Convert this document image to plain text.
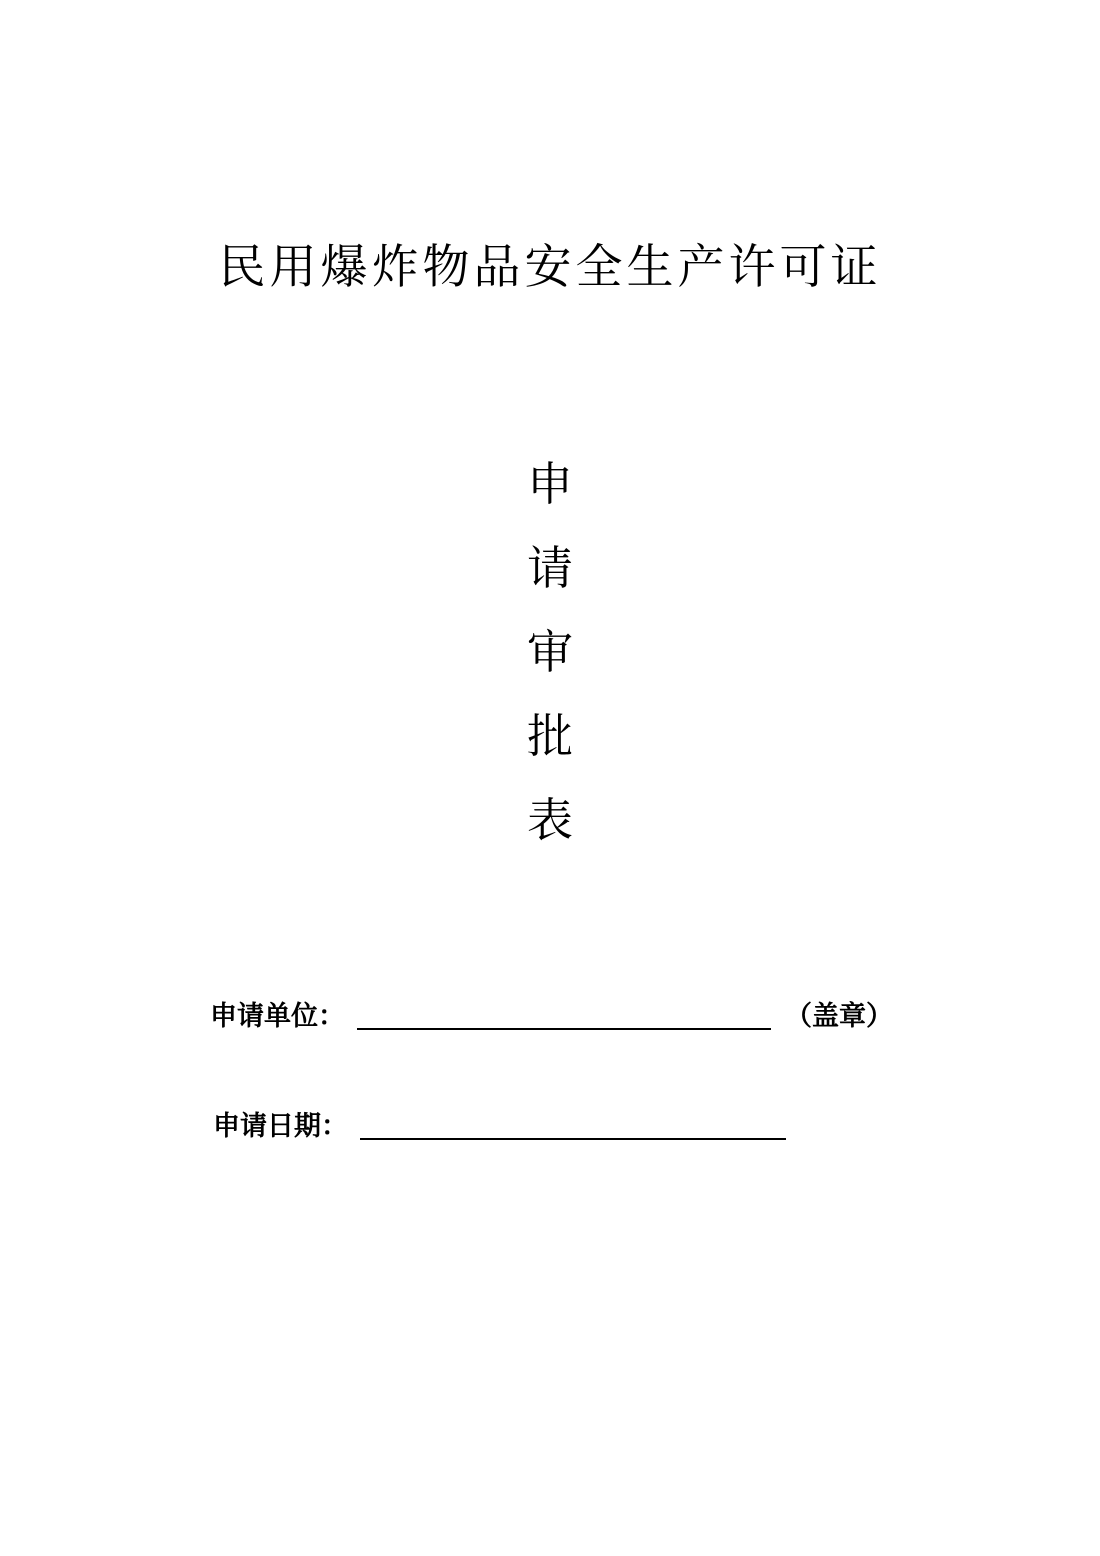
民用爆炸物品安全生产许可证
申
请
审
批
表
申请单位：	（盖章）
申请日期：
